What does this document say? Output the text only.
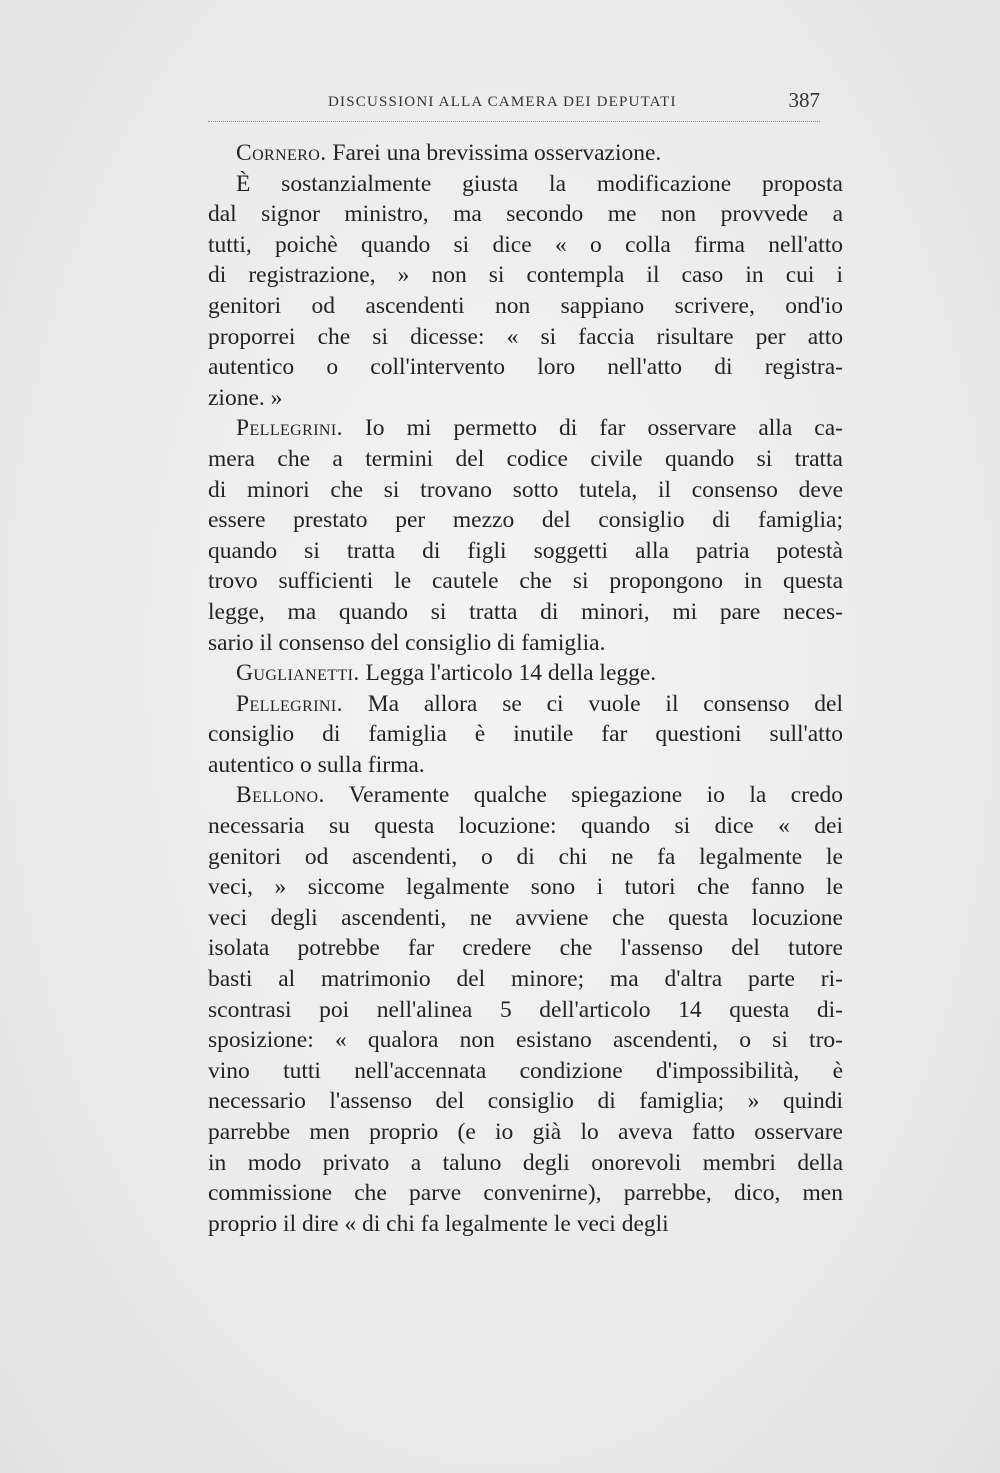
DISCUSSIONI ALLA CAMERA DEI DEPUTATI	387
Cornero. Farei una brevissima osservazione.
È sostanzialmente giusta la modificazione proposta
dal signor ministro, ma secondo me non provvede a
tutti, poichè quando si dice « o colla firma nell'atto
di registrazione, » non si contempla il caso in cui i
genitori od ascendenti non sappiano scrivere, ond'io
proporrei che si dicesse: « si faccia risultare per atto
autentico o coll'intervento loro nell'atto di registra-
zione. »
Pellegrini. Io mi permetto di far osservare alla ca-
mera che a termini del codice civile quando si tratta
di minori che si trovano sotto tutela, il consenso deve
essere prestato per mezzo del consiglio di famiglia;
quando si tratta di figli soggetti alla patria potestà
trovo sufficienti le cautele che si propongono in questa
legge, ma quando si tratta di minori, mi pare neces-
sario il consenso del consiglio di famiglia.
Guglianetti. Legga l'articolo 14 della legge.
Pellegrini. Ma allora se ci vuole il consenso del
consiglio di famiglia è inutile far questioni sull'atto
autentico o sulla firma.
Bellono. Veramente qualche spiegazione io la credo
necessaria su questa locuzione: quando si dice « dei
genitori od ascendenti, o di chi ne fa legalmente le
veci, » siccome legalmente sono i tutori che fanno le
veci degli ascendenti, ne avviene che questa locuzione
isolata potrebbe far credere che l'assenso del tutore
basti al matrimonio del minore; ma d'altra parte ri-
scontrasi poi nell'alinea 5 dell'articolo 14 questa di-
sposizione: « qualora non esistano ascendenti, o si tro-
vino tutti nell'accennata condizione d'impossibilità, è
necessario l'assenso del consiglio di famiglia; » quindi
parrebbe men proprio (e io già lo aveva fatto osservare
in modo privato a taluno degli onorevoli membri della
commissione che parve convenirne), parrebbe, dico, men
proprio il dire « di chi fa legalmente le veci degli
